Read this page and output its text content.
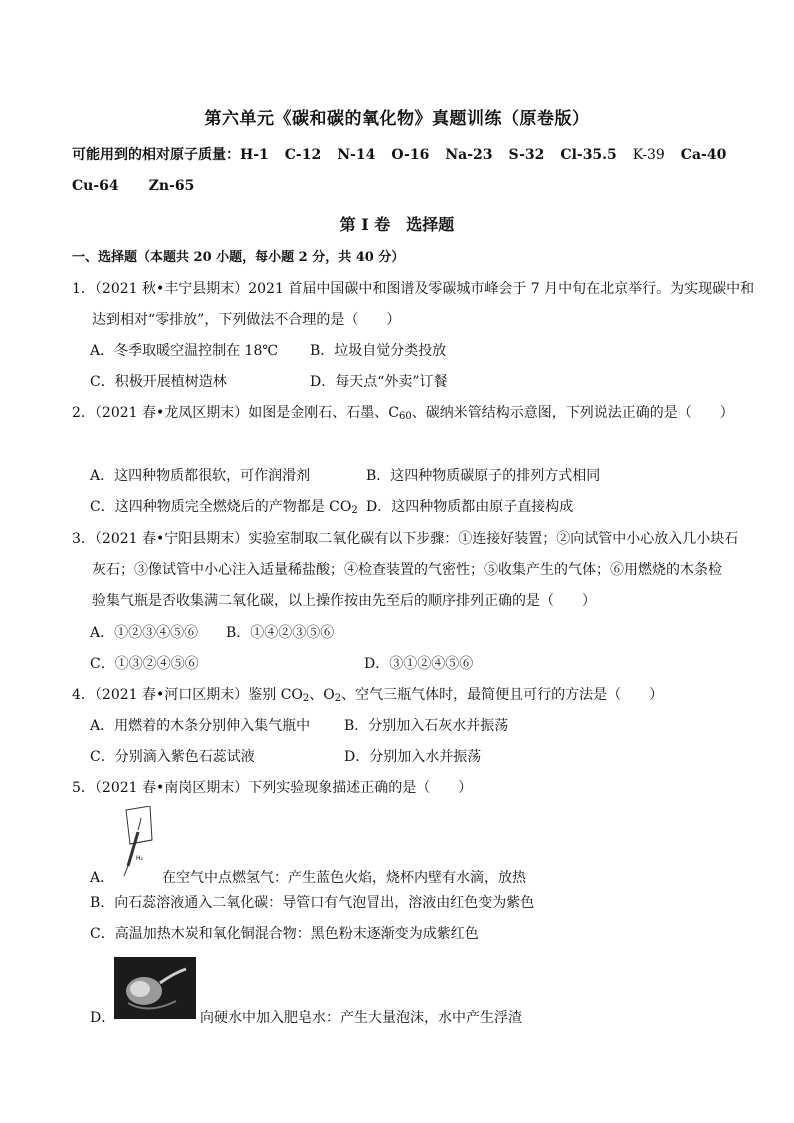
第六单元《碳和碳的氧化物》真题训练（原卷版）
可能用到的相对原子质量：H-1 C-12 N-14 O-16 Na-23 S-32 Cl-35.5 K-39 Ca-40
Cu-64 Zn-65
第 I 卷　选择题
一、选择题（本题共 20 小题，每小题 2 分，共 40 分）
1．（2021 秋•丰宁县期末）2021 首届中国碳中和图谱及零碳城市峰会于 7 月中旬在北京举行。为实现碳中和
达到相对“零排放”，下列做法不合理的是（　　）
A．冬季取暖空温控制在 18℃ B．垃圾自觉分类投放
C．积极开展植树造林	D．每天点“外卖”订餐
2．（2021 春•龙凤区期末）如图是金刚石、石墨、$C_{60}$、碳纳米管结构示意图，下列说法正确的是（　　）
A．这四种物质都很软，可作润滑剂	B．这四种物质碳原子的排列方式相同
C．这四种物质完全燃烧后的产物都是 $CO_2$ D．这四种物质都由原子直接构成
3．（2021 春•宁阳县期末）实验室制取二氧化碳有以下步骤：①连接好装置；②向试管中小心放入几小块石
灰石；③像试管中小心注入适量稀盐酸；④检查装置的气密性；⑤收集产生的气体；⑥用燃烧的木条检
验集气瓶是否收集满二氧化碳，以上操作按由先至后的顺序排列正确的是（　　）
A．①②③④⑤⑥ B．①④②③⑤⑥
C．①③②④⑤⑥	D．③①②④⑤⑥
4．（2021 春•河口区期末）鉴别 $CO_2$、$O_2$、空气三瓶气体时，最简便且可行的方法是（　　）
A．用燃着的木条分别伸入集气瓶中 B．分别加入石灰水并振荡
C．分别滴入紫色石蕊试液	D．分别加入水并振荡
5．（2021 春•南岗区期末）下列实验现象描述正确的是（　　）
H₂
A．	在空气中点燃氢气：产生蓝色火焰，烧杯内壁有水滴，放热
B．向石蕊溶液通入二氧化碳：导管口有气泡冒出，溶液由红色变为紫色
C．高温加热木炭和氧化铜混合物：黑色粉末逐渐变为成紫红色
D．	向硬水中加入肥皂水：产生大量泡沫，水中产生浮渣
